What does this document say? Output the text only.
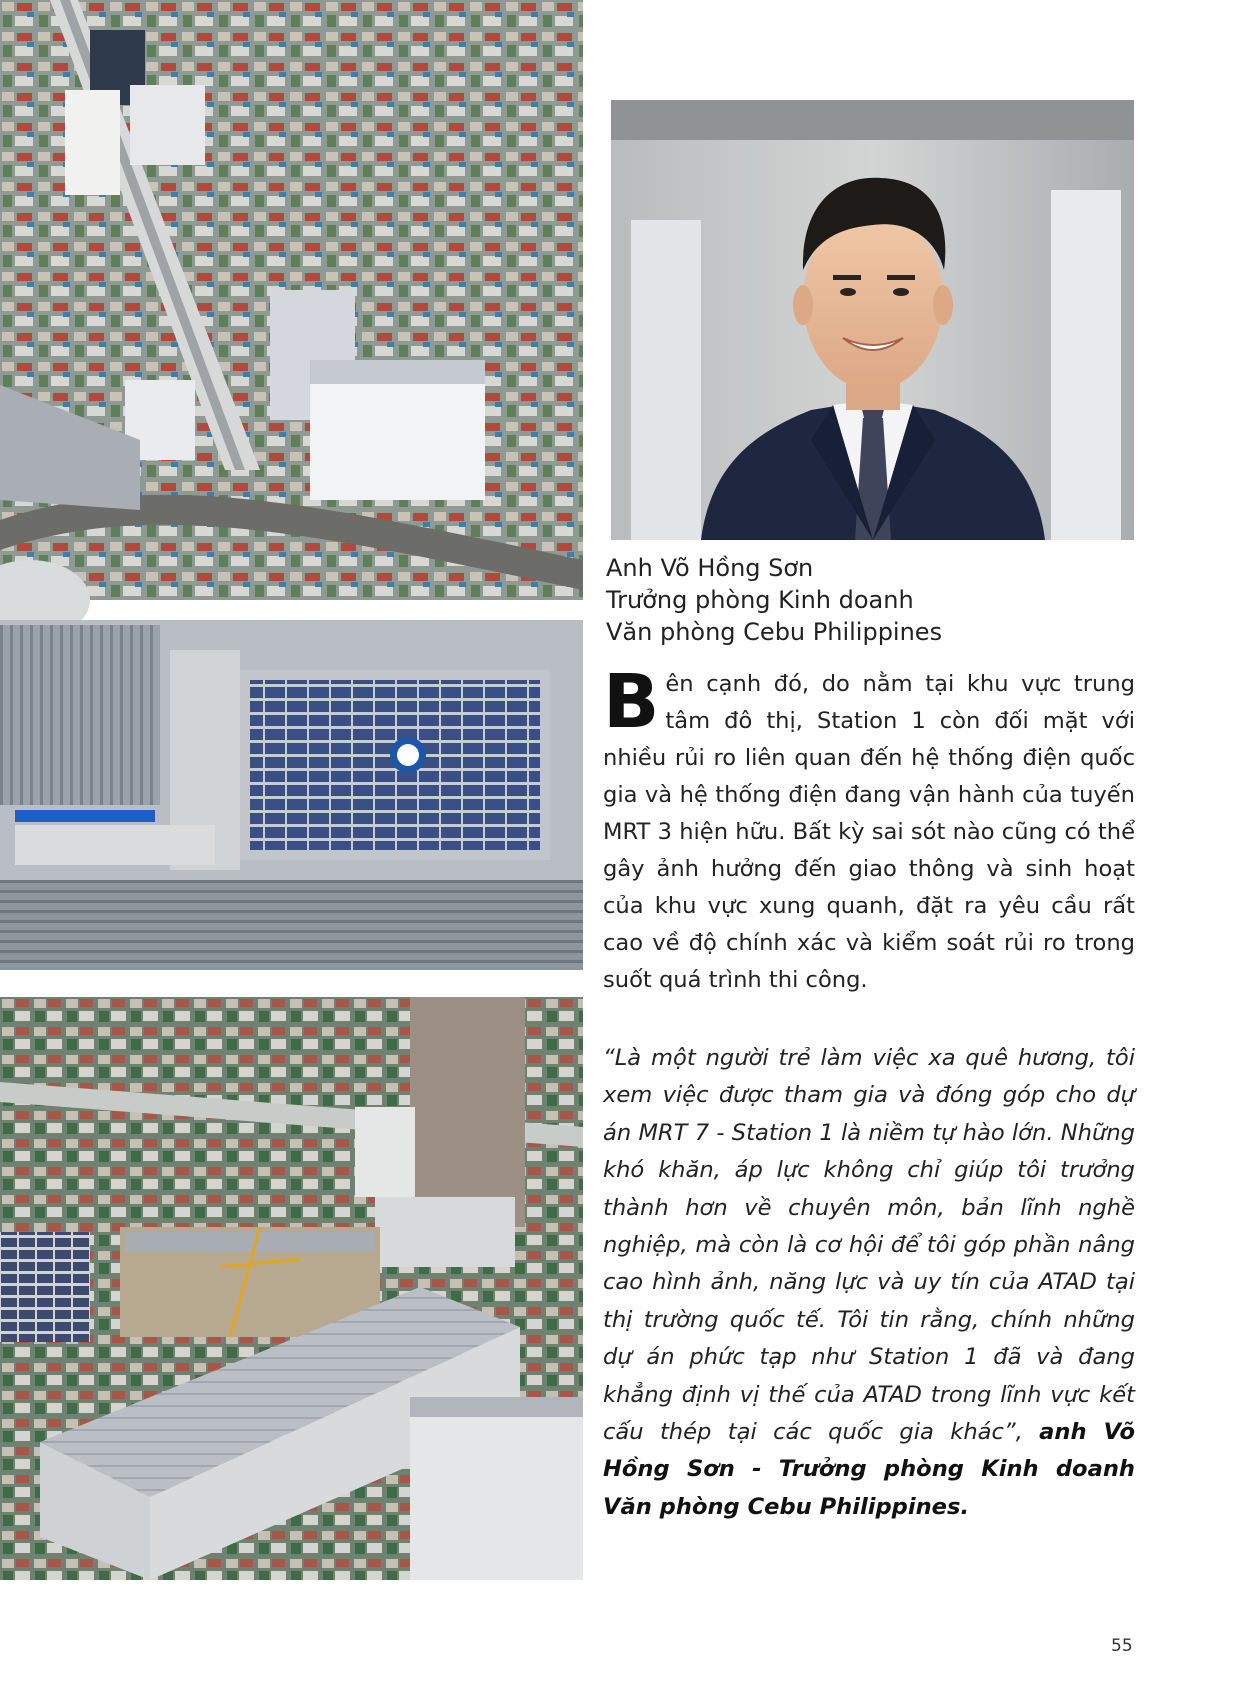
Anh Võ Hồng Sơn
Trưởng phòng Kinh doanh
Văn phòng Cebu Philippines
Bên cạnh đó, do nằm tại khu vực trung tâm đô thị, Station 1 còn đối mặt với nhiều rủi ro liên quan đến hệ thống điện quốc gia và hệ thống điện đang vận hành của tuyến MRT 3 hiện hữu. Bất kỳ sai sót nào cũng có thể gây ảnh hưởng đến giao thông và sinh hoạt của khu vực xung quanh, đặt ra yêu cầu rất cao về độ chính xác và kiểm soát rủi ro trong suốt quá trình thi công.
“Là một người trẻ làm việc xa quê hương, tôi xem việc được tham gia và đóng góp cho dự án MRT 7 - Station 1 là niềm tự hào lớn. Những khó khăn, áp lực không chỉ giúp tôi trưởng thành hơn về chuyên môn, bản lĩnh nghề nghiệp, mà còn là cơ hội để tôi góp phần nâng cao hình ảnh, năng lực và uy tín của ATAD tại thị trường quốc tế. Tôi tin rằng, chính những dự án phức tạp như Station 1 đã và đang khẳng định vị thế của ATAD trong lĩnh vực kết cấu thép tại các quốc gia khác”, anh Võ Hồng Sơn - Trưởng phòng Kinh doanh Văn phòng Cebu Philippines.
55
